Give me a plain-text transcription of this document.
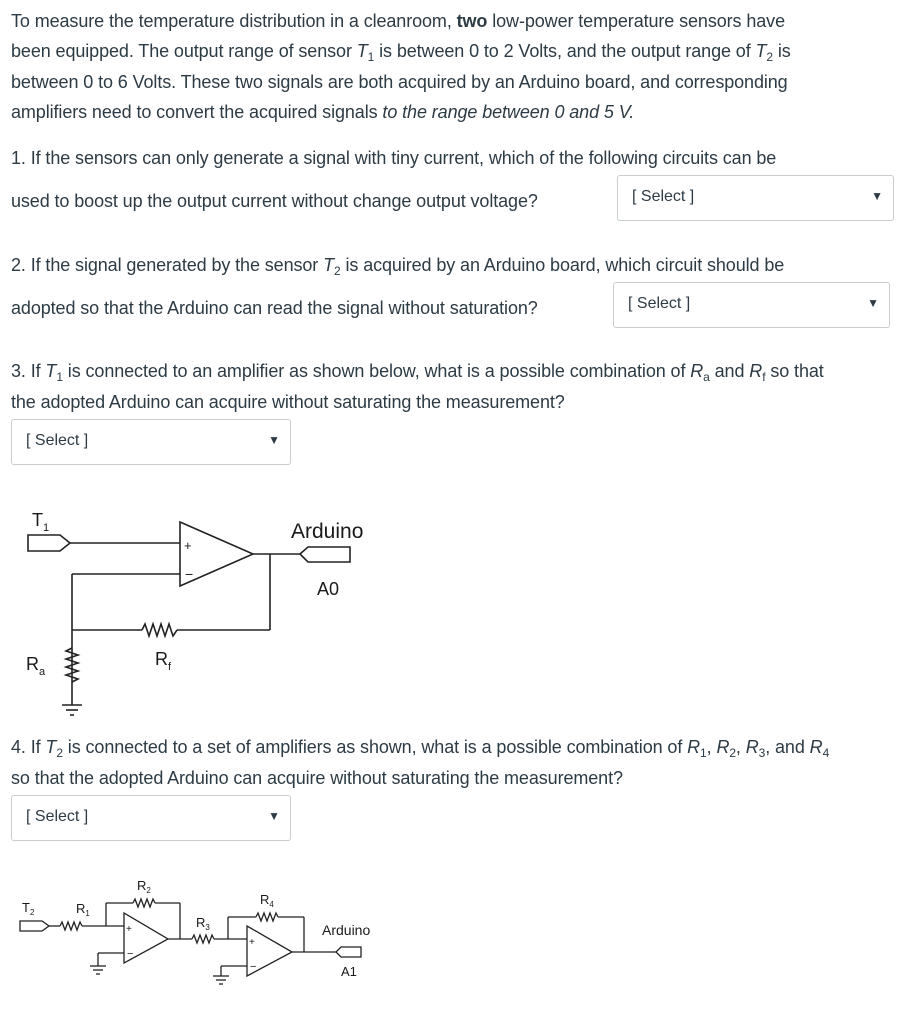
To measure the temperature distribution in a cleanroom, two low-power temperature sensors have

been equipped. The output range of sensor $T_1$ is between 0 to 2 Volts, and the output range of $T_2$ is

between 0 to 6 Volts. These two signals are both acquired by an Arduino board, and corresponding

amplifiers need to convert the acquired signals to the range between 0 and 5 V.

1. If the sensors can only generate a signal with tiny current, which of the following circuits can be

used to boost up the output current without change output voltage?	[ Select ]	▼

2. If the signal generated by the sensor $T_2$ is acquired by an Arduino board, which circuit should be

adopted so that the Arduino can read the signal without saturation?	[ Select ]	▼

3. If $T_1$ is connected to an amplifier as shown below, what is a possible combination of $R_a$ and $R_f$ so that

the adopted Arduino can acquire without saturating the measurement?

[ Select ]	▼
+
−
$T_1$	Arduino
A0
$R_f$
$R_a$

4. If $T_2$ is connected to a set of amplifiers as shown, what is a possible combination of $R_1$, $R_2$, $R_3$, and $R_4$

so that the adopted Arduino can acquire without saturating the measurement?

[ Select ]	▼
+
−
+
−
$T_2$	$R_1$
$R_2$
$R_3$
$R_4$
Arduino
A1
